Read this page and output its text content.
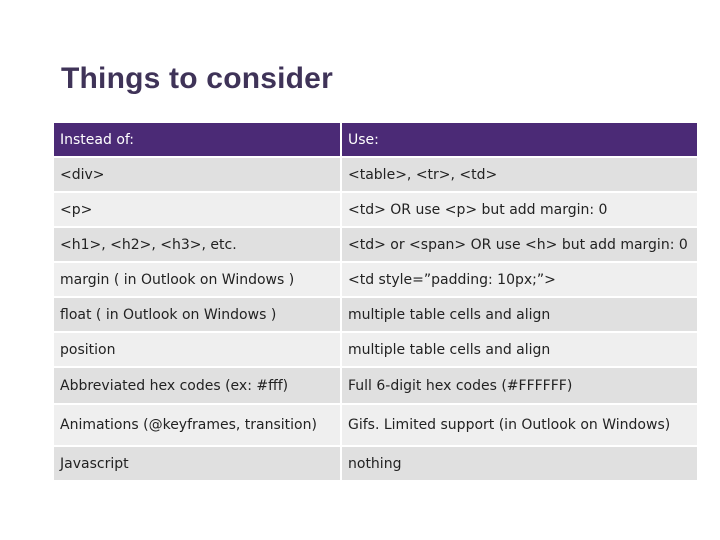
Things to consider
Instead of:	Use:
<div>	<table>, <tr>, <td>
<p>	<td> OR use <p> but add margin: 0
<h1>, <h2>, <h3>, etc.	<td> or <span> OR use <h> but add margin: 0
margin ( in Outlook on Windows )	<td style=”padding: 10px;”>
float ( in Outlook on Windows )	multiple table cells and align
position	multiple table cells and align
Abbreviated hex codes (ex: #fff)	Full 6-digit hex codes (#FFFFFF)
Animations (@keyframes, transition)	Gifs. Limited support (in Outlook on Windows)
Javascript	nothing
